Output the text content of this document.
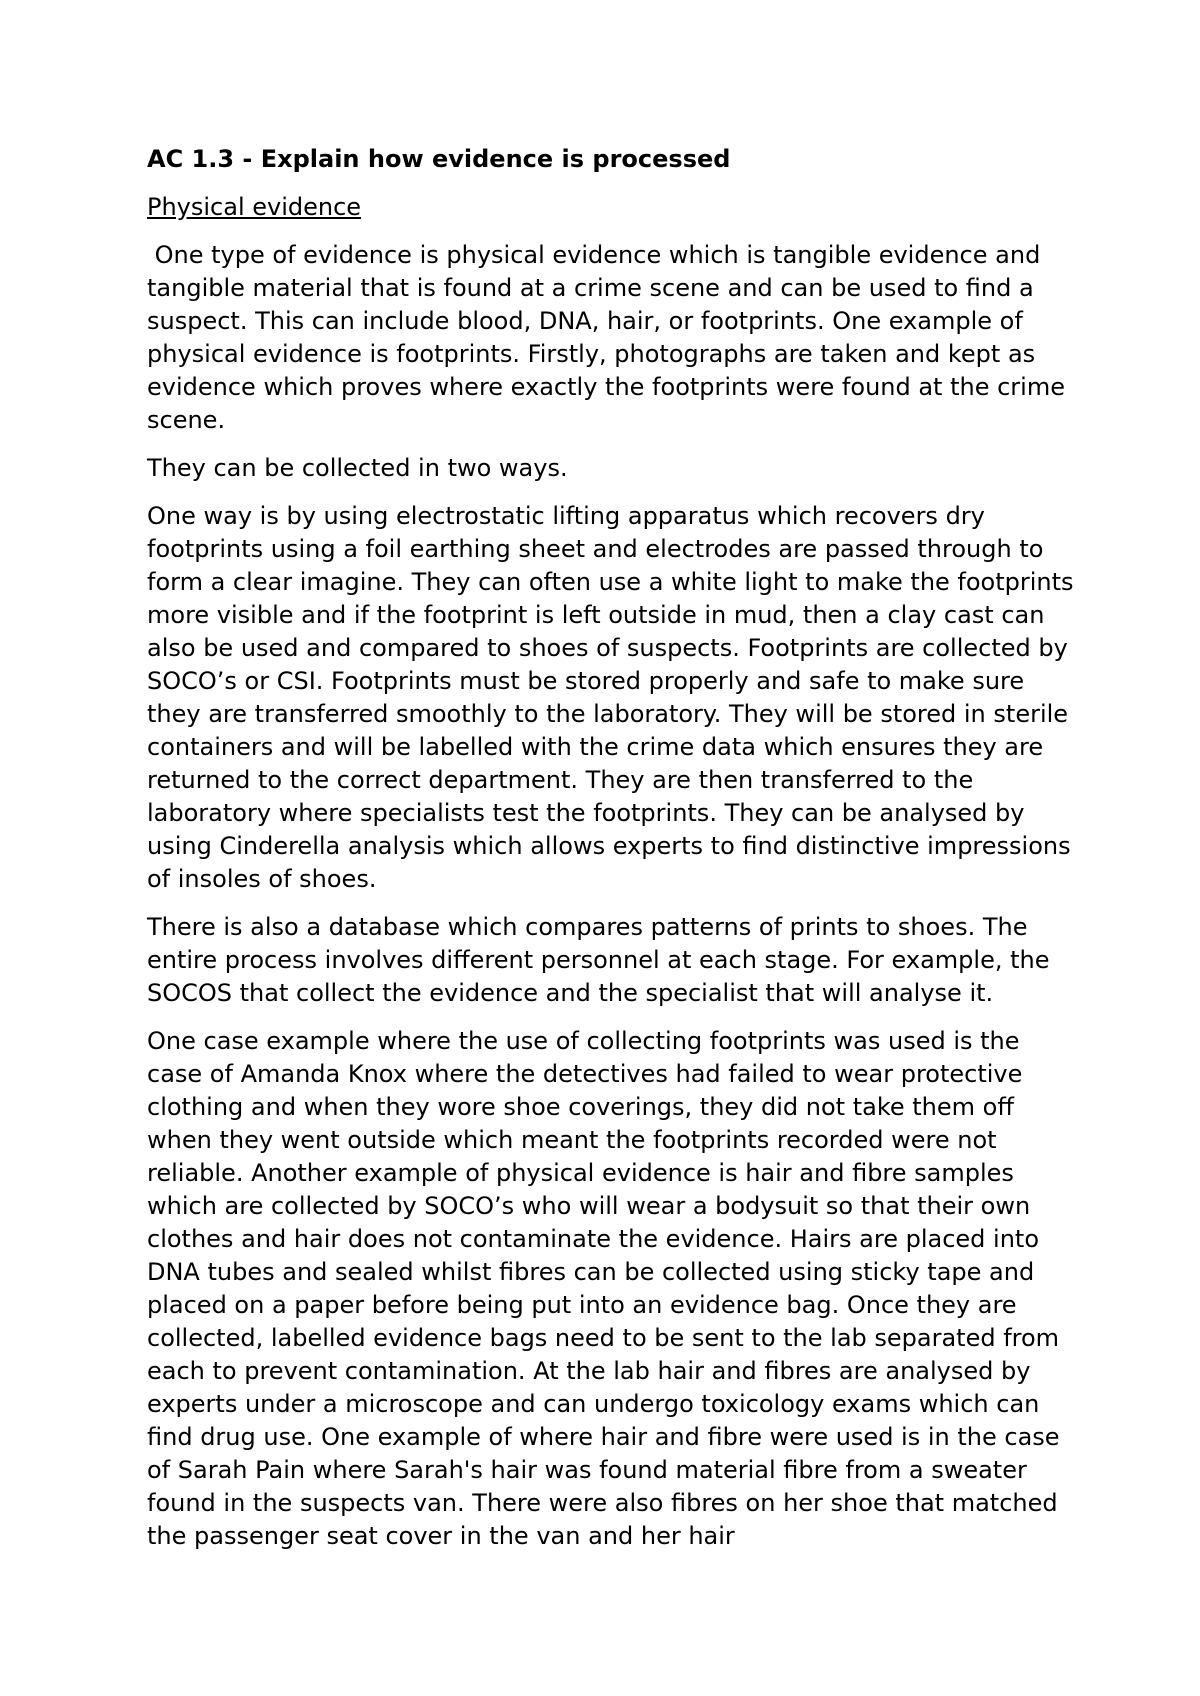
AC 1.3 - Explain how evidence is processed

Physical evidence

One type of evidence is physical evidence which is tangible evidence and tangible material that is found at a crime scene and can be used to find a suspect. This can include blood, DNA, hair, or footprints. One example of physical evidence is footprints. Firstly, photographs are taken and kept as evidence which proves where exactly the footprints were found at the crime scene.

They can be collected in two ways.

One way is by using electrostatic lifting apparatus which recovers dry footprints using a foil earthing sheet and electrodes are passed through to form a clear imagine. They can often use a white light to make the footprints more visible and if the footprint is left outside in mud, then a clay cast can also be used and compared to shoes of suspects. Footprints are collected by SOCO’s or CSI. Footprints must be stored properly and safe to make sure they are transferred smoothly to the laboratory. They will be stored in sterile containers and will be labelled with the crime data which ensures they are returned to the correct department. They are then transferred to the laboratory where specialists test the footprints. They can be analysed by using Cinderella analysis which allows experts to find distinctive impressions of insoles of shoes.

There is also a database which compares patterns of prints to shoes. The entire process involves different personnel at each stage. For example, the SOCOS that collect the evidence and the specialist that will analyse it.

One case example where the use of collecting footprints was used is the case of Amanda Knox where the detectives had failed to wear protective clothing and when they wore shoe coverings, they did not take them off when they went outside which meant the footprints recorded were not reliable. Another example of physical evidence is hair and fibre samples which are collected by SOCO’s who will wear a bodysuit so that their own clothes and hair does not contaminate the evidence. Hairs are placed into DNA tubes and sealed whilst fibres can be collected using sticky tape and placed on a paper before being put into an evidence bag. Once they are collected, labelled evidence bags need to be sent to the lab separated from each to prevent contamination. At the lab hair and fibres are analysed by experts under a microscope and can undergo toxicology exams which can find drug use. One example of where hair and fibre were used is in the case of Sarah Pain where Sarah's hair was found material fibre from a sweater found in the suspects van. There were also fibres on her shoe that matched the passenger seat cover in the van and her hair
